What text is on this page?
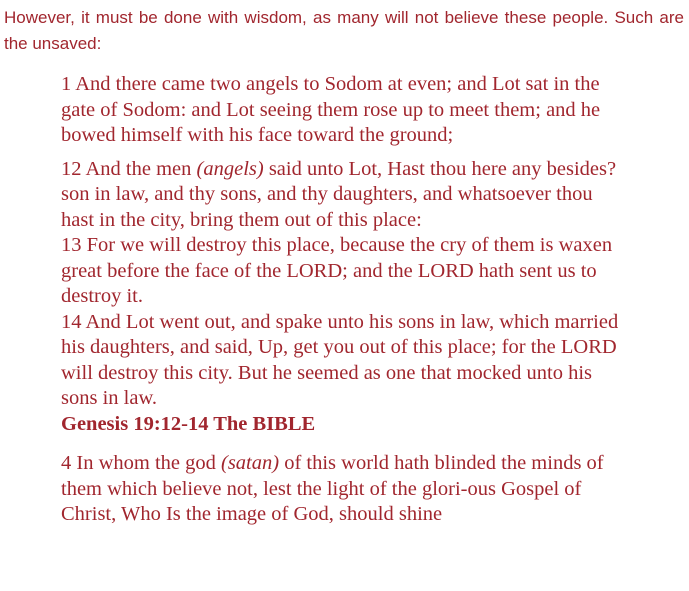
However, it must be done with wisdom, as many will not believe these people. Such are the unsaved:

1 And there came two angels to Sodom at even; and Lot sat in the gate of Sodom: and Lot seeing them rose up to meet them; and he bowed himself with his face toward the ground;

12 And the men (angels) said unto Lot, Hast thou here any besides? son in law, and thy sons, and thy daughters, and whatsoever thou hast in the city, bring them out of this place:

13 For we will destroy this place, because the cry of them is waxen great before the face of the LORD; and the LORD hath sent us to destroy it.

14 And Lot went out, and spake unto his sons in law, which married his daughters, and said, Up, get you out of this place; for the LORD will destroy this city. But he seemed as one that mocked unto his sons in law.

Genesis 19:12-14 The BIBLE

4 In whom the god (satan) of this world hath blinded the minds of them which believe not, lest the light of the glori-ous Gospel of Christ, Who Is the image of God, should shine
